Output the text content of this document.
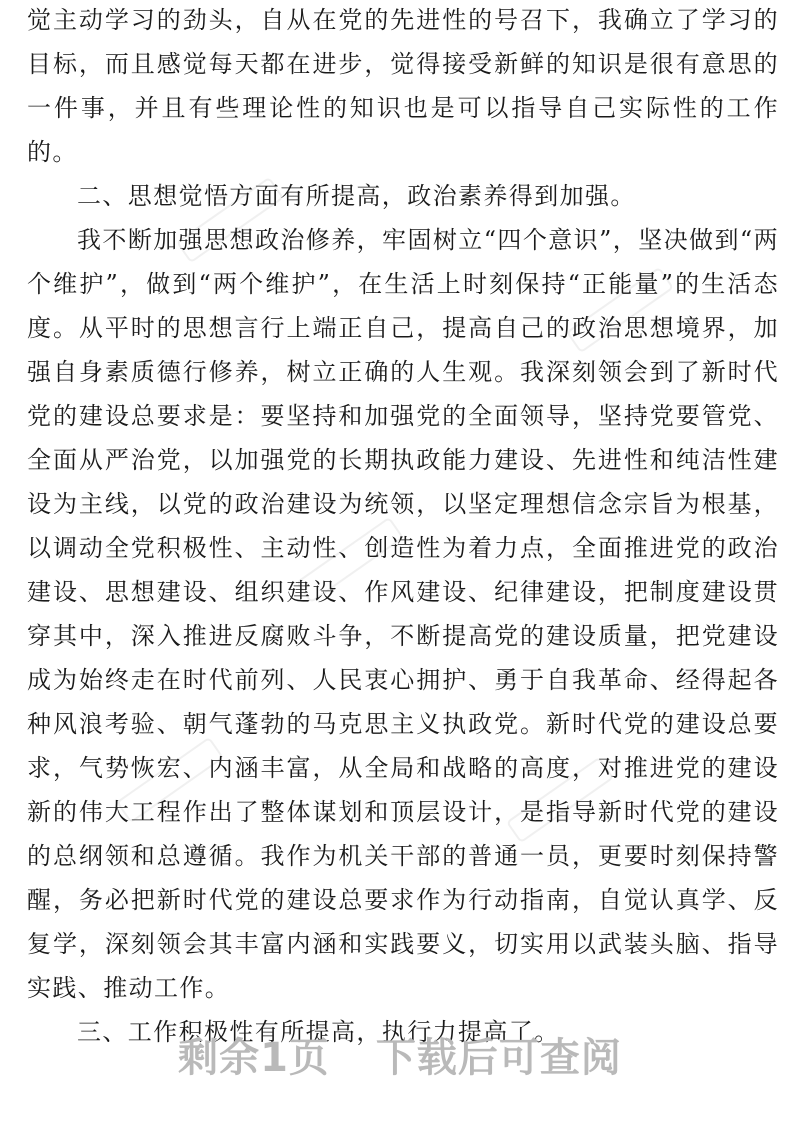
觉主动学习的劲头，自从在党的先进性的号召下，我确立了学习的目标，而且感觉每天都在进步，觉得接受新鲜的知识是很有意思的一件事，并且有些理论性的知识也是可以指导自己实际性的工作的。

二、思想觉悟方面有所提高，政治素养得到加强。

我不断加强思想政治修养，牢固树立“四个意识”，坚决做到“两个维护”，做到“两个维护”，在生活上时刻保持“正能量”的生活态度。从平时的思想言行上端正自己，提高自己的政治思想境界，加强自身素质德行修养，树立正确的人生观。我深刻领会到了新时代党的建设总要求是：要坚持和加强党的全面领导，坚持党要管党、全面从严治党，以加强党的长期执政能力建设、先进性和纯洁性建设为主线，以党的政治建设为统领，以坚定理想信念宗旨为根基，以调动全党积极性、主动性、创造性为着力点，全面推进党的政治建设、思想建设、组织建设、作风建设、纪律建设，把制度建设贯穿其中，深入推进反腐败斗争，不断提高党的建设质量，把党建设成为始终走在时代前列、人民衷心拥护、勇于自我革命、经得起各种风浪考验、朝气蓬勃的马克思主义执政党。新时代党的建设总要求，气势恢宏、内涵丰富，从全局和战略的高度，对推进党的建设新的伟大工程作出了整体谋划和顶层设计，是指导新时代党的建设的总纲领和总遵循。我作为机关干部的普通一员，更要时刻保持警醒，务必把新时代党的建设总要求作为行动指南，自觉认真学、反复学，深刻领会其丰富内涵和实践要义，切实用以武装头脑、指导实践、推动工作。

三、工作积极性有所提高，执行力提高了。

剩余1页 下载后可查阅
